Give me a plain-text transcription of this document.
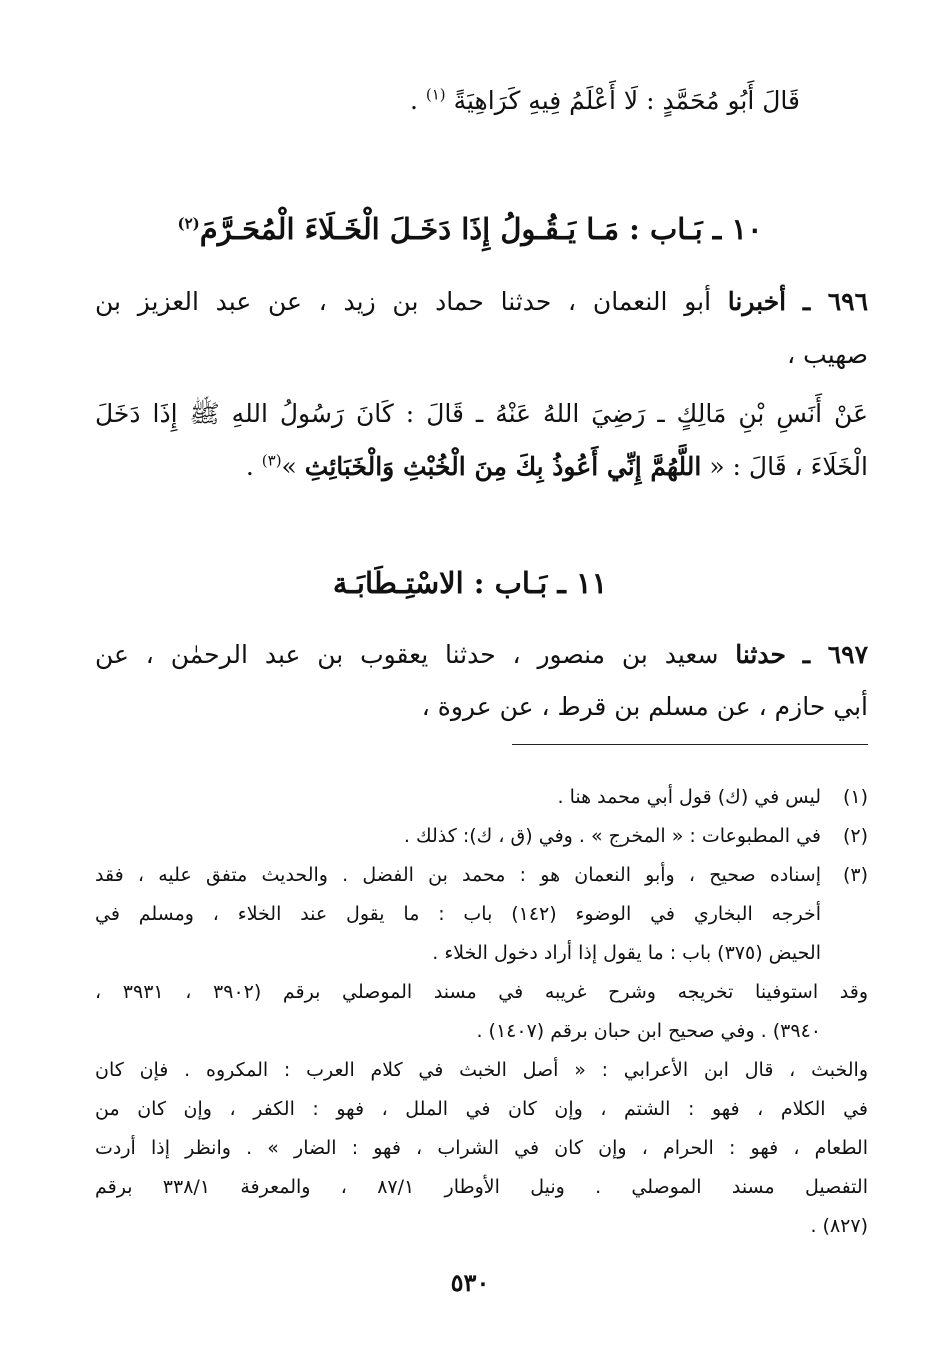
قَالَ أَبُو مُحَمَّدٍ : لَا أَعْلَمُ فِيهِ كَرَاهِيَةً $^{(١)}$ .
١٠ ـ بَـاب : مَـا يَـقُـولُ إِذَا دَخَـلَ الْخَـلَاءَ الْمُحَـرَّمَ$^{(٢)}$
٦٩٦ ـ أخبرنا أبو النعمان ، حدثنا حماد بن زيد ، عن عبد العزيز بن
صهيب ،
عَنْ أَنَسِ بْنِ مَالِكٍ ـ رَضِيَ اللهُ عَنْهُ ـ قَالَ : كَانَ رَسُولُ اللهِ ﷺ إِذَا دَخَلَ
الْخَلَاءَ ، قَالَ : « اللَّهُمَّ إِنِّي أَعُوذُ بِكَ مِنَ الْخُبْثِ وَالْخَبَائِثِ »$^{(٣)}$ .
١١ ـ بَـاب : الاسْتِـطَابَـة
٦٩٧ ـ حدثنا سعيد بن منصور ، حدثنا يعقوب بن عبد الرحمٰن ، عن
أبي حازم ، عن مسلم بن قرط ، عن عروة ،
(١)
ليس في (ك) قول أبي محمد هنا .
(٢)
في المطبوعات : « المخرج » . وفي (ق ، ك): كذلك .
(٣)
إسناده صحيح ، وأبو النعمان هو : محمد بن الفضل . والحديث متفق عليه ، فقد
أخرجه البخاري في الوضوء (١٤٢) باب : ما يقول عند الخلاء ، ومسلم في
الحيض (٣٧٥) باب : ما يقول إذا أراد دخول الخلاء .
وقد استوفينا تخريجه وشرح غريبه في مسند الموصلي برقم (٣٩٠٢ ، ٣٩٣١ ،
٣٩٤٠) . وفي صحيح ابن حبان برقم (١٤٠٧) .
والخبث ، قال ابن الأعرابي : « أصل الخبث في كلام العرب : المكروه . فإن كان
في الكلام ، فهو : الشتم ، وإن كان في الملل ، فهو : الكفر ، وإن كان من
الطعام ، فهو : الحرام ، وإن كان في الشراب ، فهو : الضار » . وانظر إذا أردت
التفصيل مسند الموصلي . ونيل الأوطار ٨٧/١ ، والمعرفة ٣٣٨/١ برقم
(٨٢٧) .
٥٣٠
